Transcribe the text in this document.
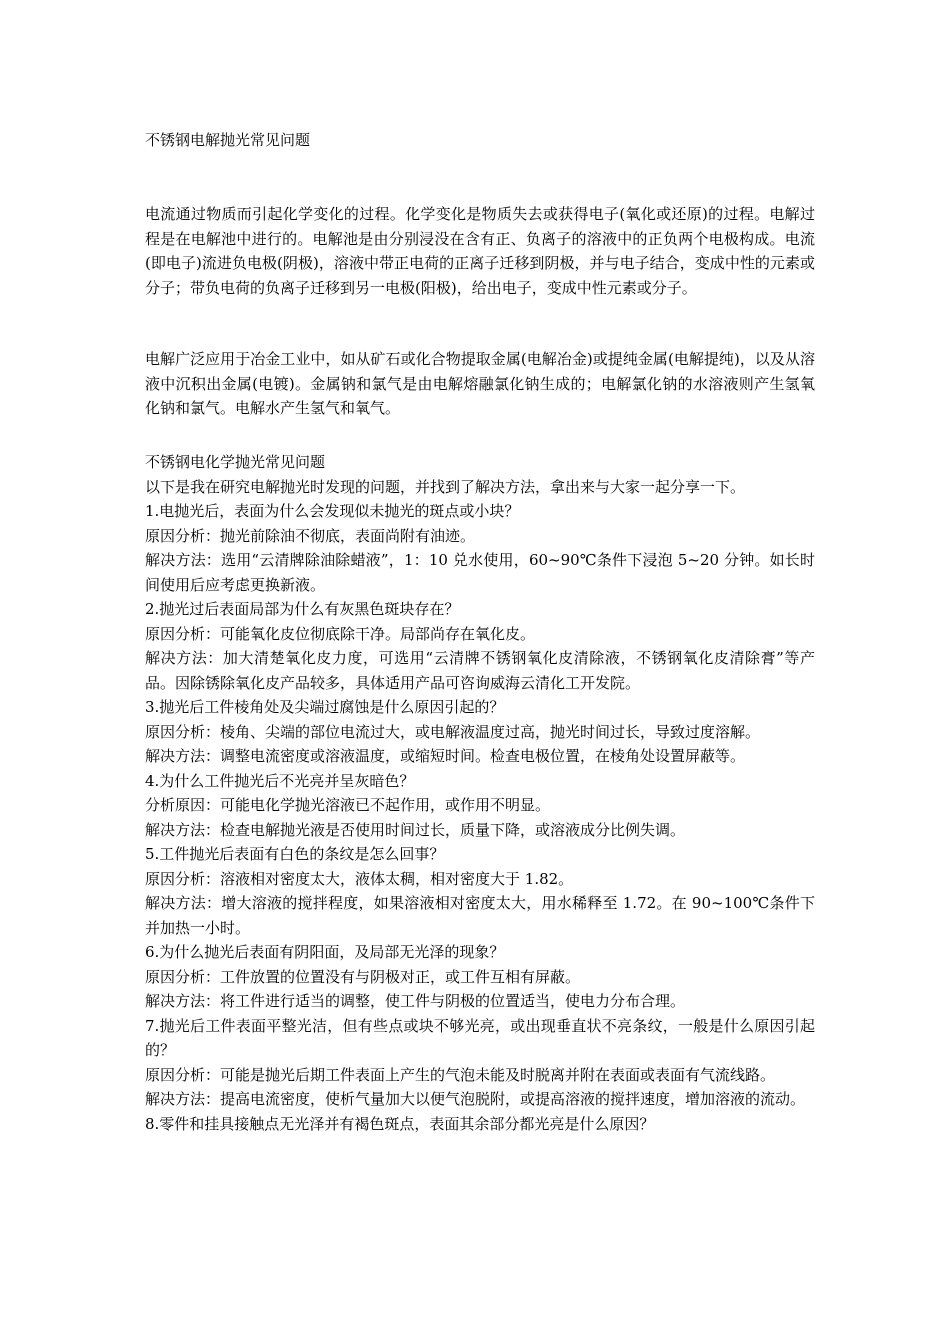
不锈钢电解抛光常见问题

电流通过物质而引起化学变化的过程。化学变化是物质失去或获得电子(氧化或还原)的过程。电解过程是在电解池中进行的。电解池是由分别浸没在含有正、负离子的溶液中的正负两个电极构成。电流(即电子)流进负电极(阴极)，溶液中带正电荷的正离子迁移到阴极，并与电子结合，变成中性的元素或分子；带负电荷的负离子迁移到另一电极(阳极)，给出电子，变成中性元素或分子。

电解广泛应用于冶金工业中，如从矿石或化合物提取金属(电解冶金)或提纯金属(电解提纯)，以及从溶液中沉积出金属(电镀)。金属钠和氯气是由电解熔融氯化钠生成的；电解氯化钠的水溶液则产生氢氧化钠和氯气。电解水产生氢气和氧气。

不锈钢电化学抛光常见问题

以下是我在研究电解抛光时发现的问题，并找到了解决方法，拿出来与大家一起分享一下。

1.电抛光后，表面为什么会发现似未抛光的斑点或小块？

原因分析：抛光前除油不彻底，表面尚附有油迹。

解决方法：选用“云清牌除油除蜡液”，1：10 兑水使用，60~90℃条件下浸泡 5~20 分钟。如长时间使用后应考虑更换新液。

2.抛光过后表面局部为什么有灰黑色斑块存在？

原因分析：可能氧化皮位彻底除干净。局部尚存在氧化皮。

解决方法：加大清楚氧化皮力度，可选用“云清牌不锈钢氧化皮清除液，不锈钢氧化皮清除膏”等产品。因除锈除氧化皮产品较多，具体适用产品可咨询威海云清化工开发院。

3.抛光后工件棱角处及尖端过腐蚀是什么原因引起的？

原因分析：棱角、尖端的部位电流过大，或电解液温度过高，抛光时间过长，导致过度溶解。

解决方法：调整电流密度或溶液温度，或缩短时间。检查电极位置，在棱角处设置屏蔽等。

4.为什么工件抛光后不光亮并呈灰暗色？

分析原因：可能电化学抛光溶液已不起作用，或作用不明显。

解决方法：检查电解抛光液是否使用时间过长，质量下降，或溶液成分比例失调。

5.工件抛光后表面有白色的条纹是怎么回事？

原因分析：溶液相对密度太大，液体太稠，相对密度大于 1.82。

解决方法：增大溶液的搅拌程度，如果溶液相对密度太大，用水稀释至 1.72。在 90~100℃条件下并加热一小时。

6.为什么抛光后表面有阴阳面，及局部无光泽的现象？

原因分析：工件放置的位置没有与阴极对正，或工件互相有屏蔽。

解决方法：将工件进行适当的调整，使工件与阴极的位置适当，使电力分布合理。

7.抛光后工件表面平整光洁，但有些点或块不够光亮，或出现垂直状不亮条纹，一般是什么原因引起的？

原因分析：可能是抛光后期工件表面上产生的气泡未能及时脱离并附在表面或表面有气流线路。

解决方法：提高电流密度，使析气量加大以便气泡脱附，或提高溶液的搅拌速度，增加溶液的流动。

8.零件和挂具接触点无光泽并有褐色斑点，表面其余部分都光亮是什么原因？
